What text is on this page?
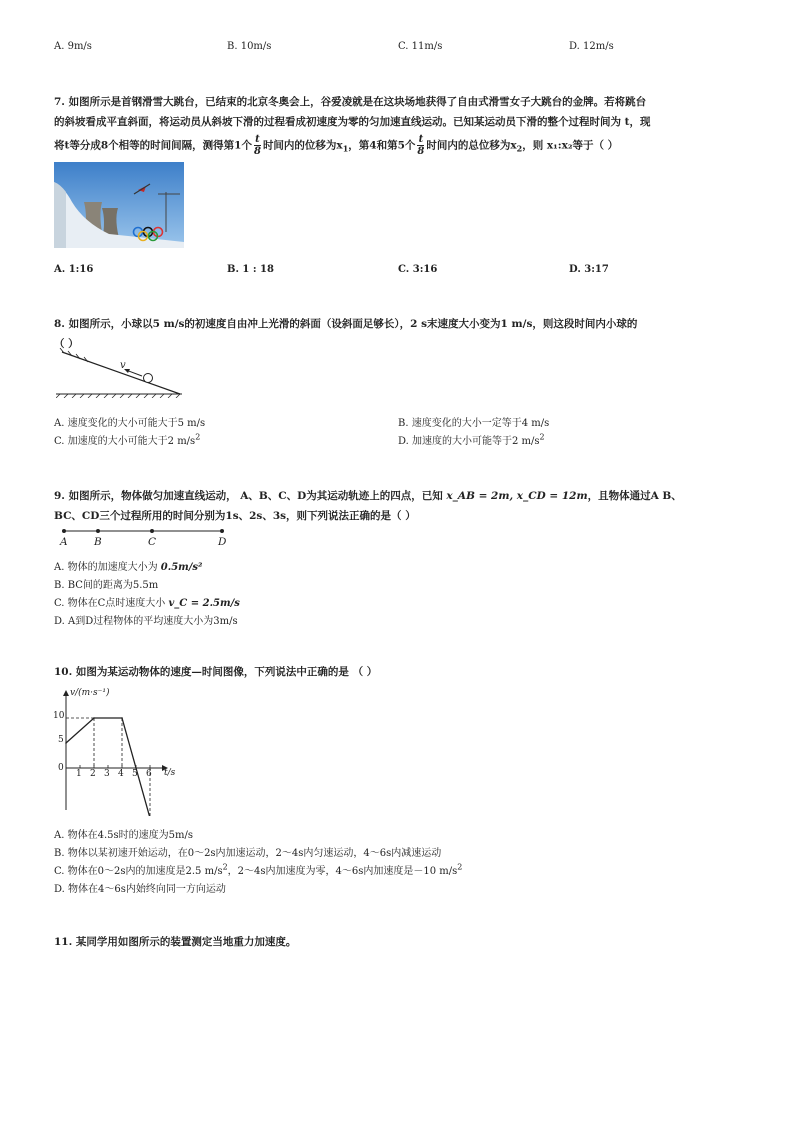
A. 9m/s	B. 10m/s	C. 11m/s	D. 12m/s
7. 如图所示是首钢滑雪大跳台，已结束的北京冬奥会上，谷爱凌就是在这块场地获得了自由式滑雪女子大跳台的金牌。若将跳台
的斜坡看成平直斜面，将运动员从斜坡下滑的过程看成初速度为零的匀加速直线运动。已知某运动员下滑的整个过程时间为 t，现
将t等分成8个相等的时间间隔，测得第1个 $\frac{t}{8}$ 时间内的位移为$x_1$，第4和第5个 $\frac{t}{8}$ 时间内的总位移为$x_2$，则 x₁:x₂等于（ ）
A. 1:16	B. 1 : 18	C. 3:16	D. 3:17
8. 如图所示，小球以5 m/s的初速度自由冲上光滑的斜面（设斜面足够长），2 s末速度大小变为1 m/s，则这段时间内小球的
（ ）
v
A. 速度变化的大小可能大于5 m/s	B. 速度变化的大小一定等于4 m/s
C. 加速度的大小可能大于2 $m/s^2$	D. 加速度的大小可能等于2 $m/s^2$
9. 如图所示，物体做匀加速直线运动， A、B、C、D为其运动轨迹上的四点，已知 x_AB = 2m, x_CD = 12m，且物体通过A B、
BC、CD三个过程所用的时间分别为1s、2s、3s，则下列说法正确的是（ ）
A	B	C	D
A. 物体的加速度大小为 0.5m/s²
B. BC间的距离为5.5m
C. 物体在C点时速度大小 v_C = 2.5m/s
D. A到D过程物体的平均速度大小为3m/s
10. 如图为某运动物体的速度—时间图像，下列说法中正确的是 （ ）
v/(m·s⁻¹)
t/s
10
5
0
1 2 3 4 5 6
A. 物体在4.5s时的速度为5m/s
B. 物体以某初速开始运动，在0～2s内加速运动，2～4s内匀速运动，4～6s内减速运动
C. 物体在0～2s内的加速度是2.5 $m/s^2$，2～4s内加速度为零，4～6s内加速度是－10 $m/s^2$
D. 物体在4～6s内始终向同一方向运动
11. 某同学用如图所示的装置测定当地重力加速度。
